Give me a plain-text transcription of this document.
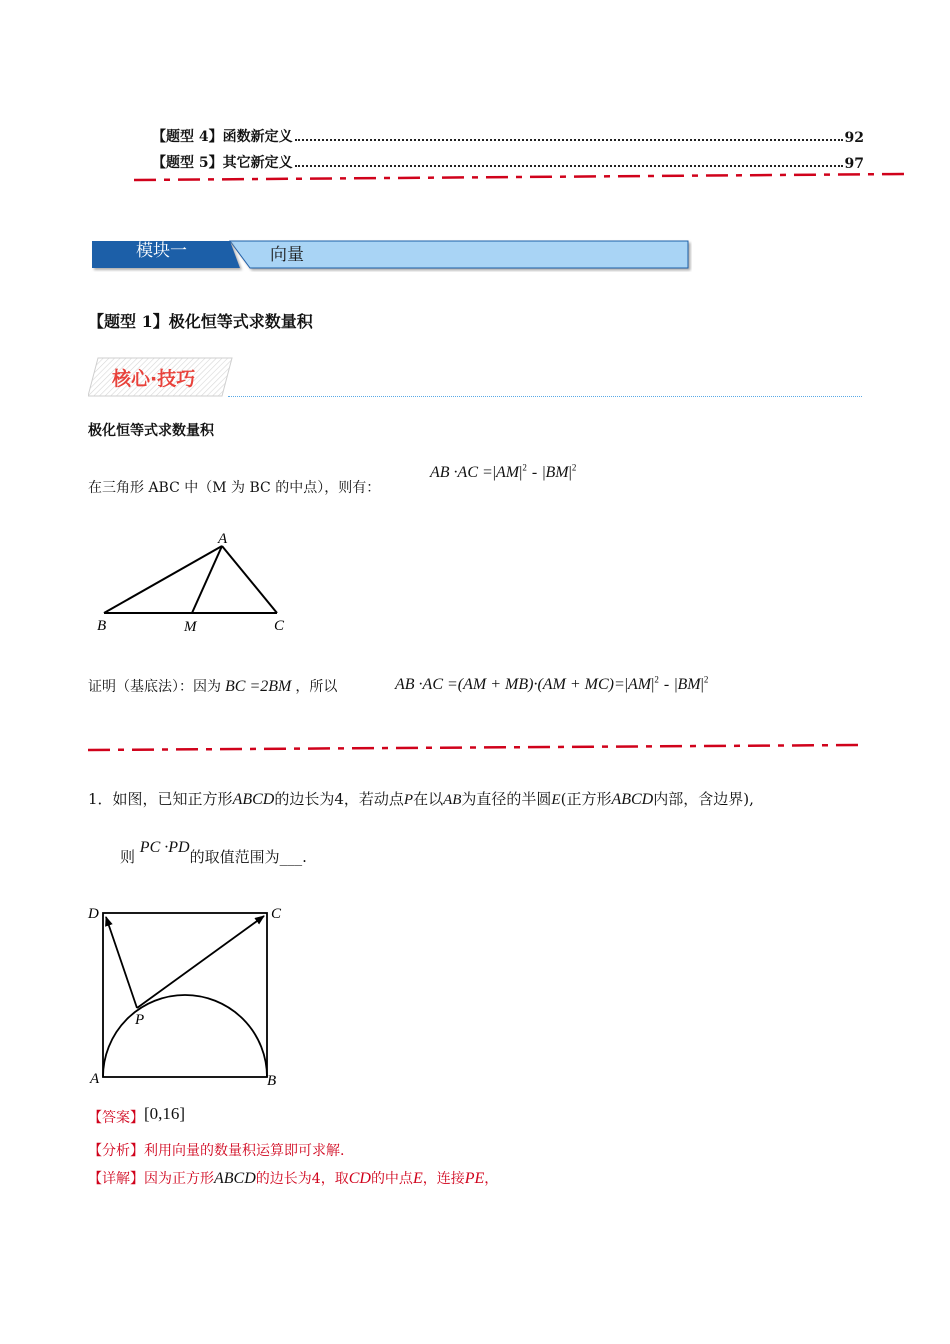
【题型 4】函数新定义	92
【题型 5】其它新定义	97
模块一	向量
【题型 1】极化恒等式求数量积
核心·技巧
极化恒等式求数量积
在三角形 ABC 中（M 为 BC 的中点），则有：
AB $\cdot AC =|AM|^2 - |BM|^2$
A
B	M	C
证明（基底法）：因为 BC =2BM ，所以	AB $\cdot AC =(AM + MB)\cdot(AM + MC)=|AM|^2 - |BM|^2$
1．如图，已知正方形ABCD的边长为4，若动点P在以AB为直径的半圆E(正方形ABCD内部，含边界),
则 PC ·PD的取值范围为___.
D	C
A	B
P
【答案】[0,16]
【分析】利用向量的数量积运算即可求解.
【详解】因为正方形ABCD的边长为4，取CD的中点E，连接PE，
